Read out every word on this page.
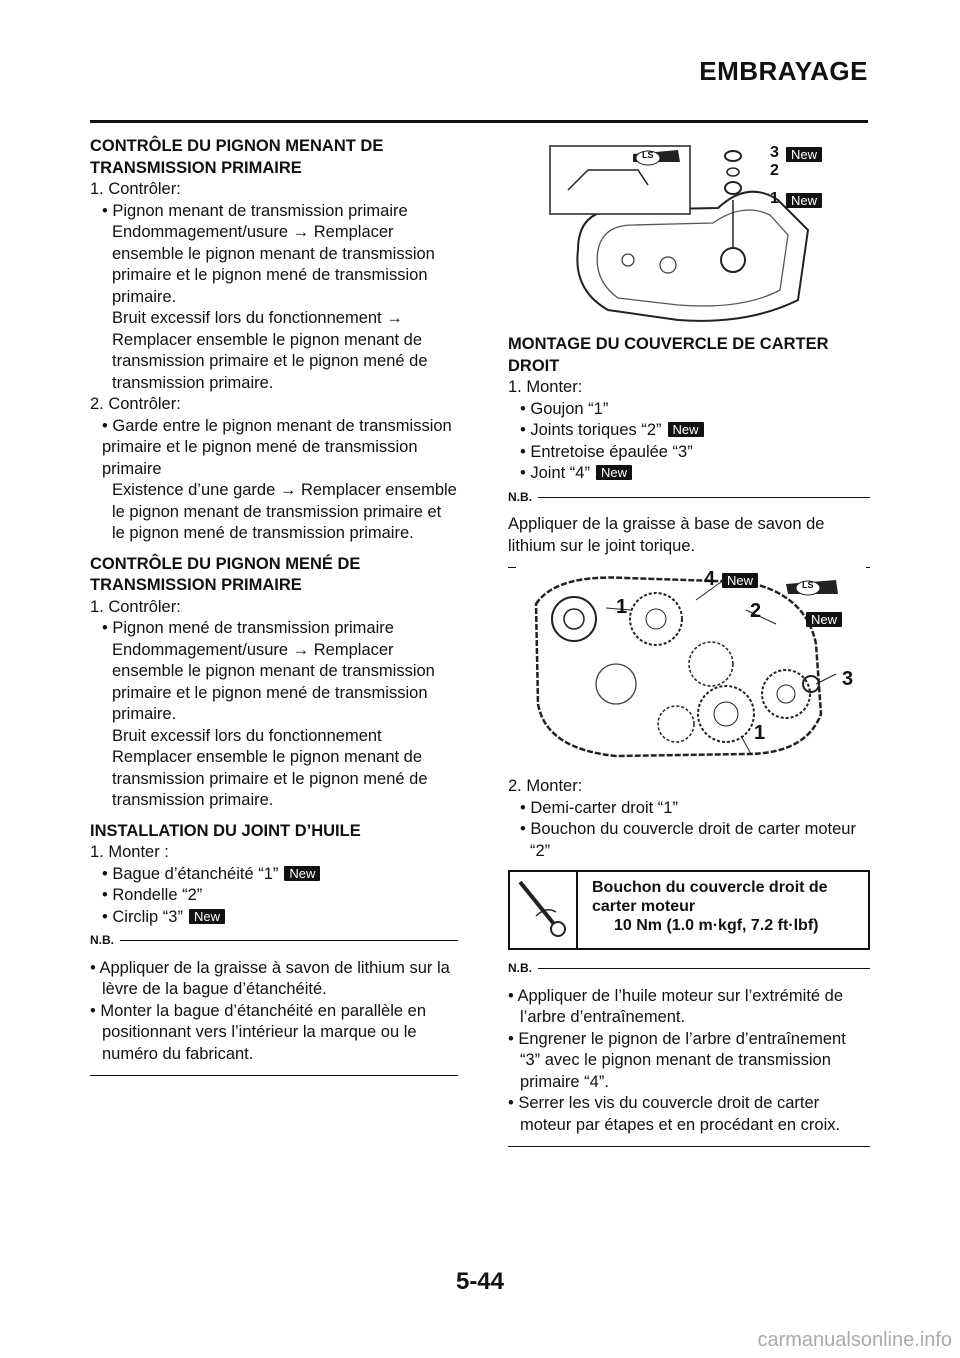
EMBRAYAGE

CONTRÔLE DU PIGNON MENANT DE TRANSMISSION PRIMAIRE

1. Contrôler:

• Pignon menant de transmission primaire

Endommagement/usure → Remplacer ensemble le pignon menant de transmission primaire et le pignon mené de transmission primaire.

Bruit excessif lors du fonctionnement → Remplacer ensemble le pignon menant de transmission primaire et le pignon mené de transmission primaire.

2. Contrôler:

• Garde entre le pignon menant de transmission primaire et le pignon mené de transmission primaire

Existence d’une garde → Remplacer ensemble le pignon menant de transmission primaire et le pignon mené de transmission primaire.

CONTRÔLE DU PIGNON MENÉ DE TRANSMISSION PRIMAIRE

1. Contrôler:

• Pignon mené de transmission primaire

Endommagement/usure → Remplacer ensemble le pignon menant de transmission primaire et le pignon mené de transmission primaire.

Bruit excessif lors du fonctionnement Remplacer ensemble le pignon menant de transmission primaire et le pignon mené de transmission primaire.

INSTALLATION DU JOINT D’HUILE

1. Monter :

• Bague d’étanchéité “1” New

• Rondelle “2”

• Circlip “3” New

N.B.

• Appliquer de la graisse à savon de lithium sur la lèvre de la bague d’étanchéité.

• Monter la bague d’étanchéité en parallèle en positionnant vers l’intérieur la marque ou le numéro du fabricant.

LS	3 New
2
1 New

MONTAGE DU COUVERCLE DE CARTER DROIT

1. Monter:

• Goujon “1”

• Joints toriques “2” New

• Entretoise épaulée “3”

• Joint “4” New

N.B.

Appliquer de la graisse à base de savon de lithium sur le joint torique.

LS
4 New
1	2	New
3
1

2. Monter:

• Demi-carter droit “1”

• Bouchon du couvercle droit de carter moteur “2”

Bouchon du couvercle droit de carter moteur
10 Nm (1.0 m·kgf, 7.2 ft·lbf)
N.B.

• Appliquer de l’huile moteur sur l’extrémité de l’arbre d’entraînement.

• Engrener le pignon de l’arbre d’entraînement “3” avec le pignon menant de transmission primaire “4”.

• Serrer les vis du couvercle droit de carter moteur par étapes et en procédant en croix.

5-44
carmanualsonline.info
